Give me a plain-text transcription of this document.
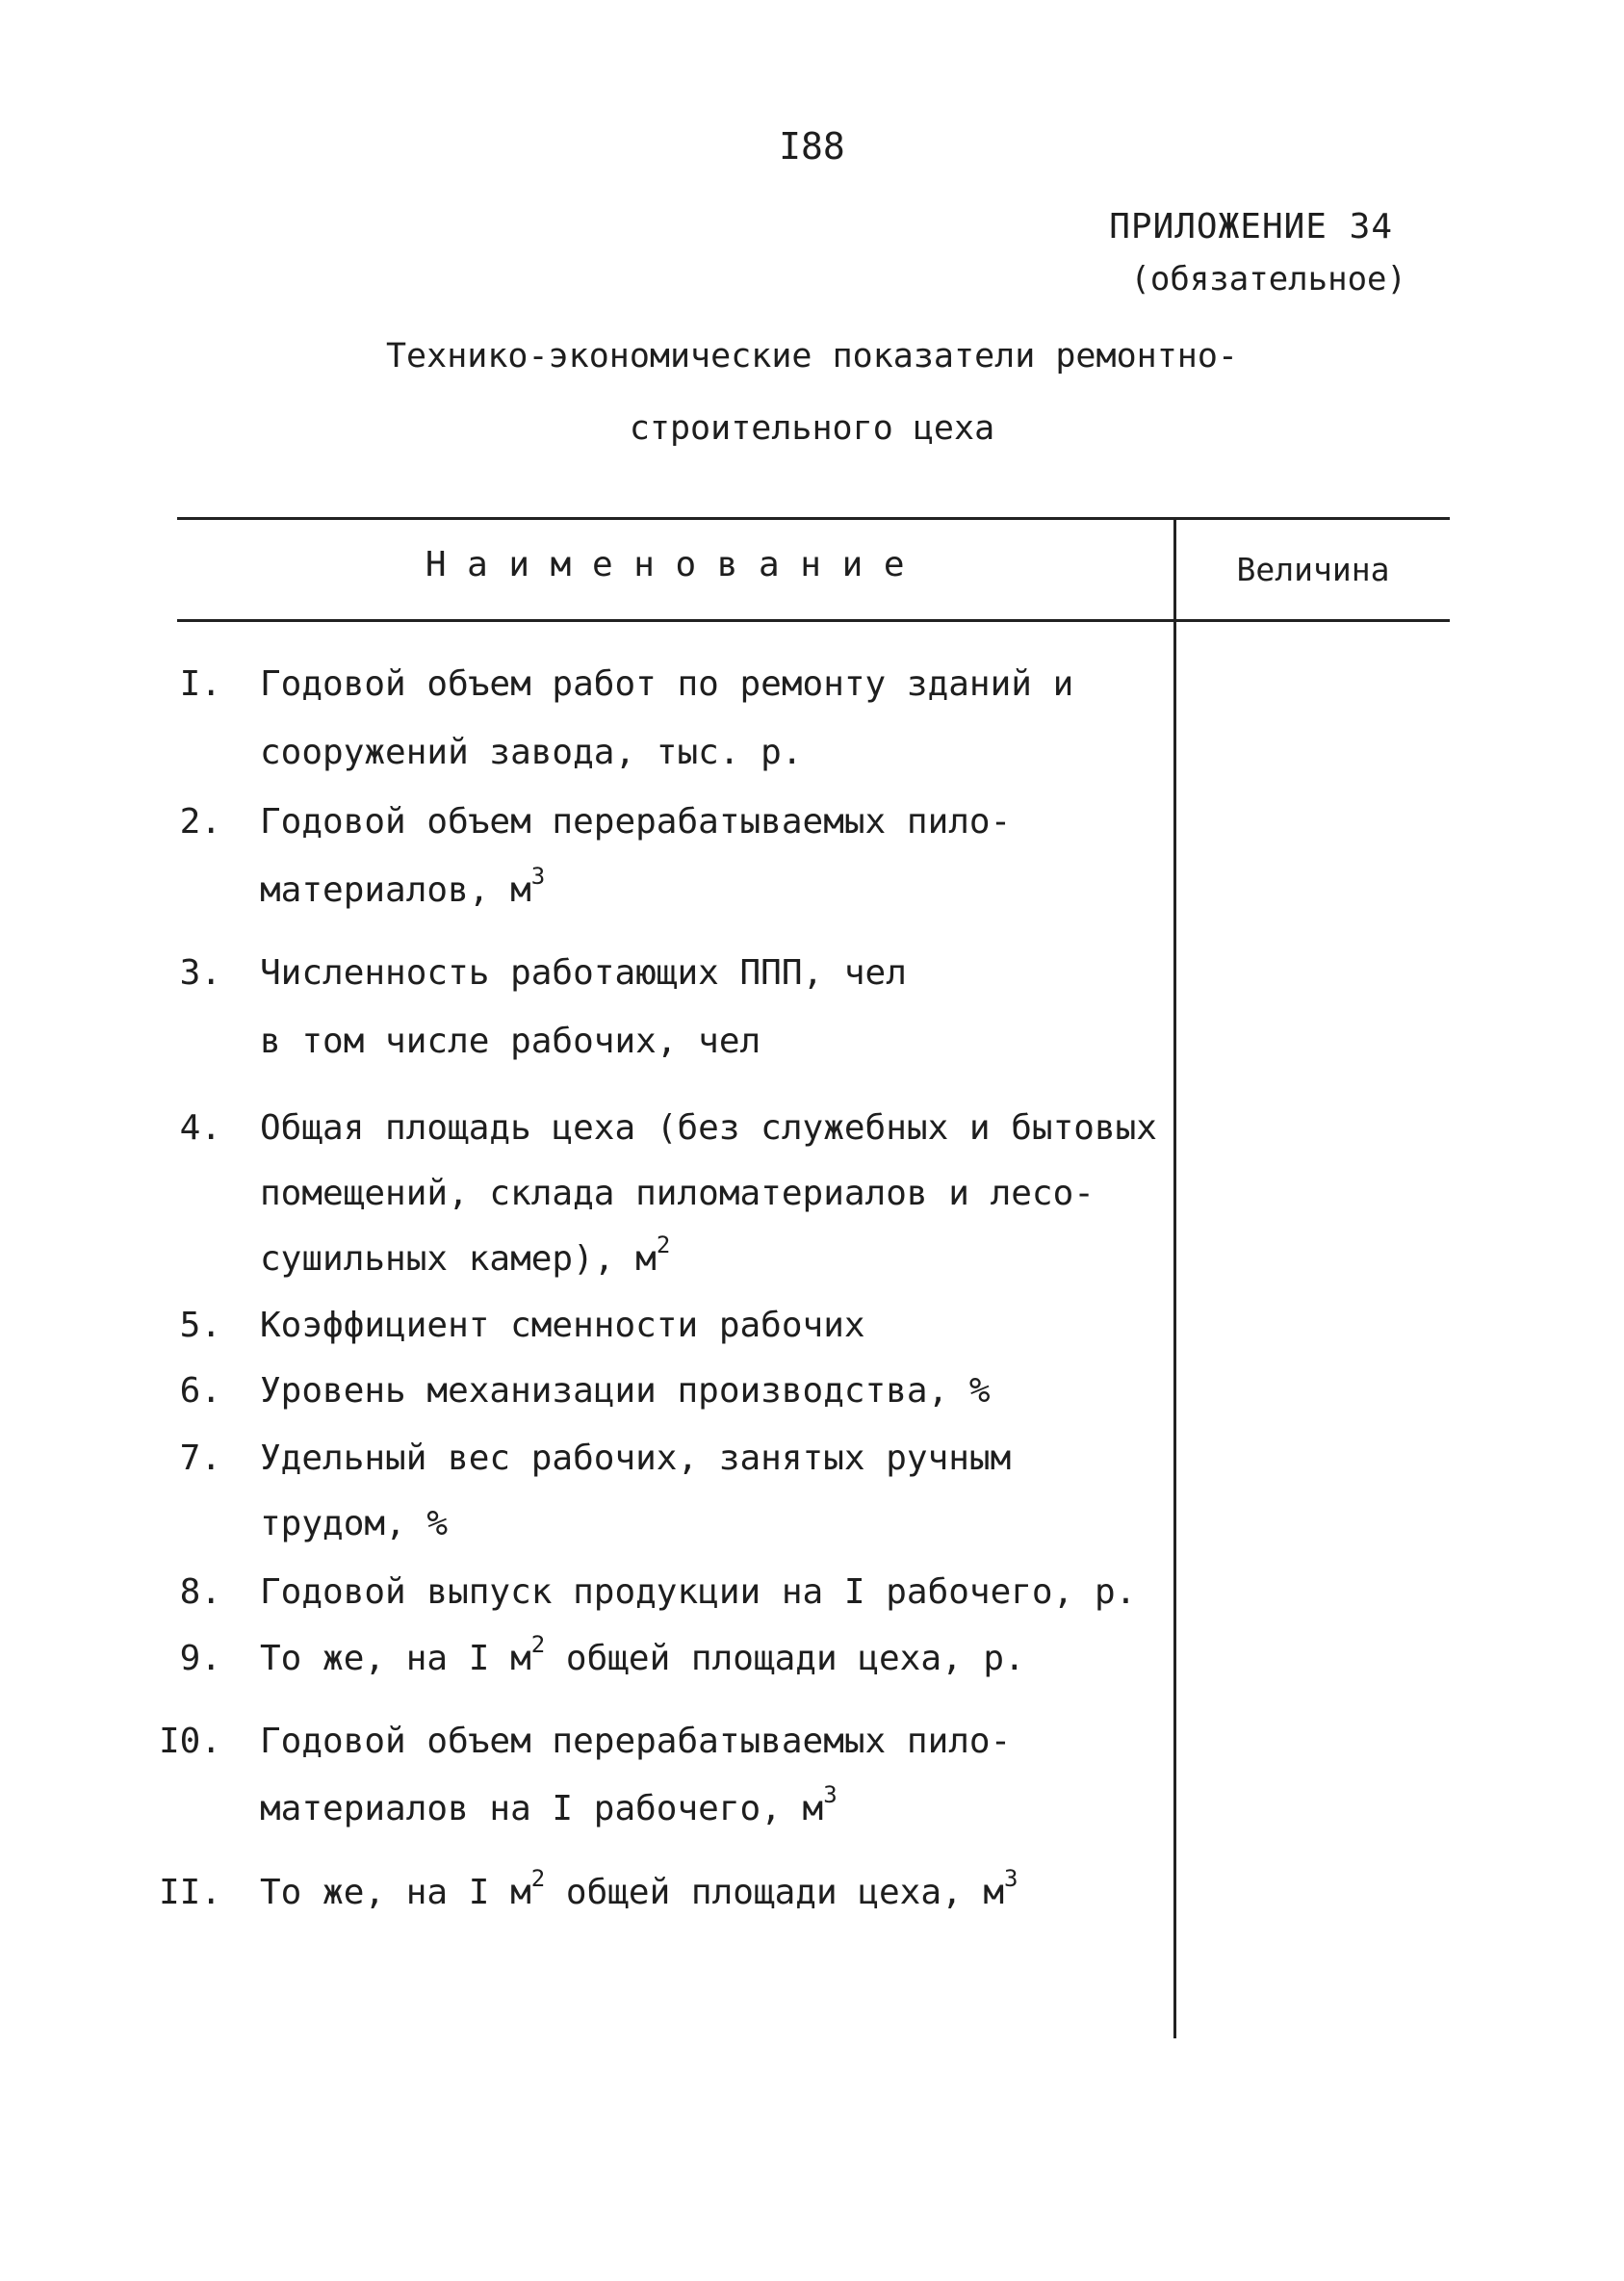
I88
ПРИЛОЖЕНИЕ 34
(обязательное)
Технико-экономические показатели ремонтно-
строительного цеха
Наименование	Величина
I. Годовой объем работ по ремонту зданий и
сооружений завода, тыс. р.
2. Годовой объем перерабатываемых пило-
материалов, $м^3$
3. Численность работающих ППП, чел
в том числе рабочих, чел
4. Общая площадь цеха (без служебных и бытовых
помещений, склада пиломатериалов и лесо-
сушильных камер), $м^2$
5. Коэффициент сменности рабочих
6. Уровень механизации производства, %
7. Удельный вес рабочих, занятых ручным
трудом, %
8. Годовой выпуск продукции на I рабочего, р.
9. То же, на I $м^2$ общей площади цеха, р.
I0. Годовой объем перерабатываемых пило-
материалов на I рабочего, $м^3$
II. То же, на I $м^2$ общей площади цеха, $м^3$
